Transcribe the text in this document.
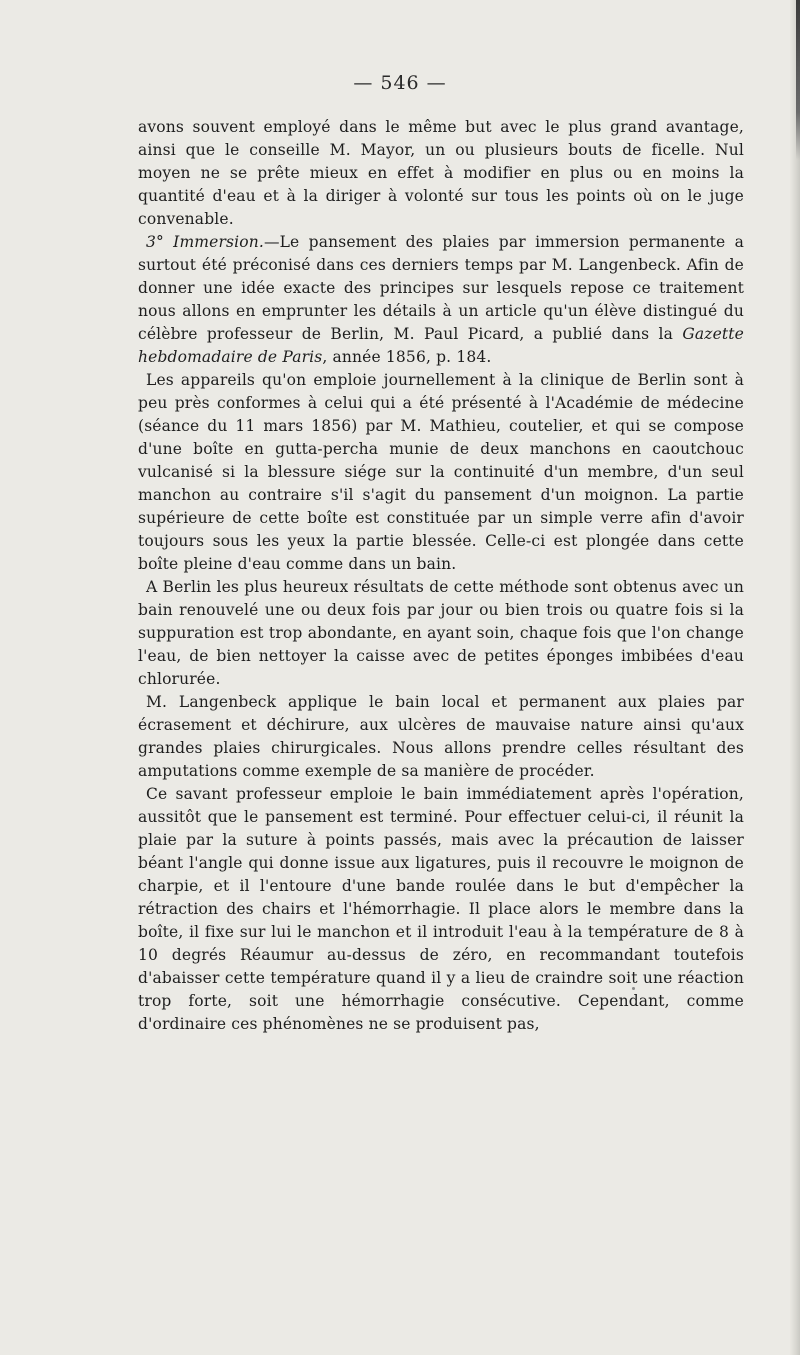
— 546 —

avons souvent employé dans le même but avec le plus grand avantage, ainsi que le conseille M. Mayor, un ou plusieurs bouts de ficelle. Nul moyen ne se prête mieux en effet à modifier en plus ou en moins la quantité d'eau et à la diriger à volonté sur tous les points où on le juge convenable.

3° Immersion.—Le pansement des plaies par immersion permanente a surtout été préconisé dans ces derniers temps par M. Langenbeck. Afin de donner une idée exacte des principes sur lesquels repose ce traitement nous allons en emprunter les détails à un article qu'un élève distingué du célèbre professeur de Berlin, M. Paul Picard, a publié dans la Gazette hebdomadaire de Paris, année 1856, p. 184.

Les appareils qu'on emploie journellement à la clinique de Berlin sont à peu près conformes à celui qui a été présenté à l'Académie de médecine (séance du 11 mars 1856) par M. Mathieu, coutelier, et qui se compose d'une boîte en gutta-percha munie de deux manchons en caoutchouc vulcanisé si la blessure siége sur la continuité d'un membre, d'un seul manchon au contraire s'il s'agit du pansement d'un moignon. La partie supérieure de cette boîte est constituée par un simple verre afin d'avoir toujours sous les yeux la partie blessée. Celle-ci est plongée dans cette boîte pleine d'eau comme dans un bain.

A Berlin les plus heureux résultats de cette méthode sont obtenus avec un bain renouvelé une ou deux fois par jour ou bien trois ou quatre fois si la suppuration est trop abondante, en ayant soin, chaque fois que l'on change l'eau, de bien nettoyer la caisse avec de petites éponges imbibées d'eau chlorurée.

M. Langenbeck applique le bain local et permanent aux plaies par écrasement et déchirure, aux ulcères de mauvaise nature ainsi qu'aux grandes plaies chirurgicales. Nous allons prendre celles résultant des amputations comme exemple de sa manière de procéder.

Ce savant professeur emploie le bain immédiatement après l'opération, aussitôt que le pansement est terminé. Pour effectuer celui-ci, il réunit la plaie par la suture à points passés, mais avec la précaution de laisser béant l'angle qui donne issue aux ligatures, puis il recouvre le moignon de charpie, et il l'entoure d'une bande roulée dans le but d'empêcher la rétraction des chairs et l'hémorrhagie. Il place alors le membre dans la boîte, il fixe sur lui le manchon et il introduit l'eau à la température de 8 à 10 degrés Réaumur au-dessus de zéro, en recommandant toutefois d'abaisser cette température quand il y a lieu de craindre soit une réaction trop forte, soit une hémorrhagie consécutive. Cependant, comme d'ordinaire ces phénomènes ne se produisent pas,
